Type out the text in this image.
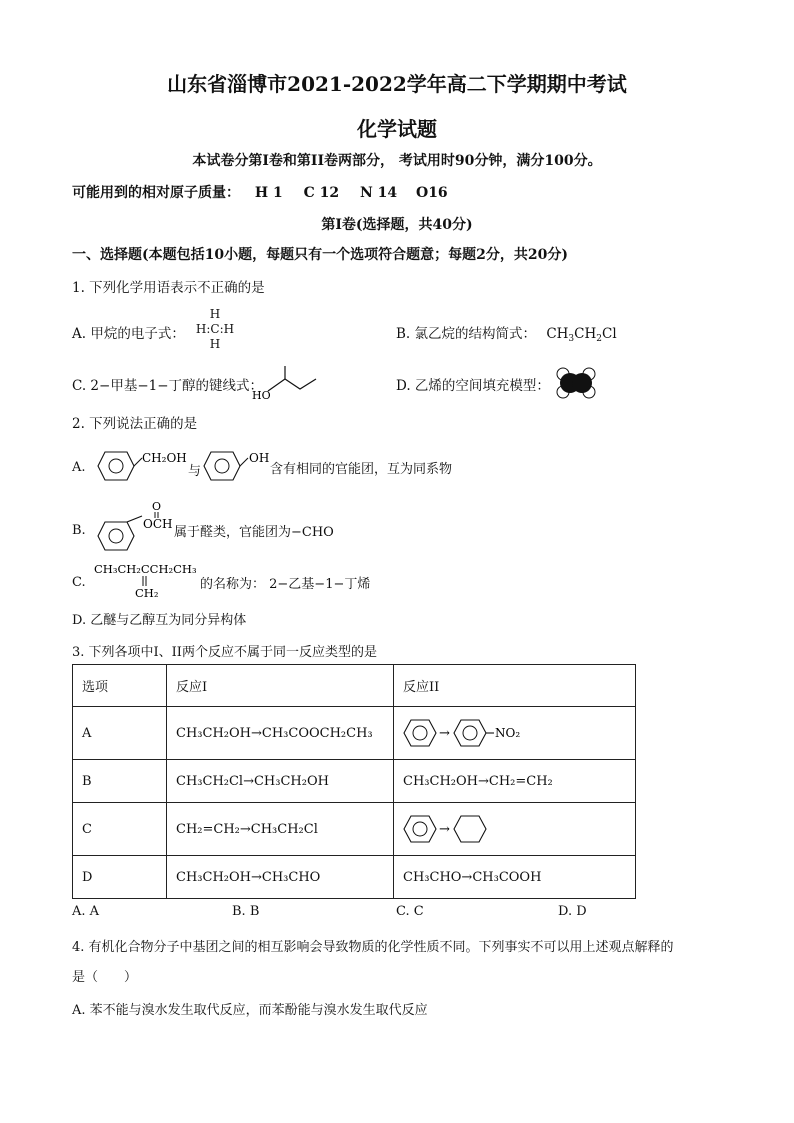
山东省淄博市2021-2022学年高二下学期期中考试
化学试题
本试卷分第I卷和第II卷两部分， 考试用时90分钟，满分100分。
可能用到的相对原子质量： H 1 C 12 N 14 O16
第I卷(选择题，共40分)
一、选择题(本题包括10小题，每题只有一个选项符合题意；每题2分，共20分)
1. 下列化学用语表示不正确的是
A. 甲烷的电子式：
H
H:C:H
H
B. 氯乙烷的结构简式： $CH_3CH_2Cl$
C. 2−甲基−1−丁醇的键线式：
HO
D. 乙烯的空间填充模型：
2. 下列说法正确的是
A.
CH₂OH
与
OH
含有相同的官能团，互为同系物
B.
O
OCH
属于醛类，官能团为−CHO
C.
CH₃CH₂CCH₂CH₃
CH₂
的名称为： 2−乙基−1−丁烯
D. 乙醚与乙醇互为同分异构体
3. 下列各项中I、II两个反应不属于同一反应类型的是
选项	反应I	反应II
A	CH₃CH₂OH→CH₃COOCH₂CH₃	→ NO₂

B	CH₃CH₂Cl→CH₃CH₂OH	CH₃CH₂OH→CH₂=CH₂
C	CH₂=CH₂→CH₃CH₂Cl	→

D	CH₃CH₂OH→CH₃CHO	CH₃CHO→CH₃COOH
A. A	B. B	C. C	D. D
4. 有机化合物分子中基团之间的相互影响会导致物质的化学性质不同。下列事实不可以用上述观点解释的
是（　　）
A. 苯不能与溴水发生取代反应，而苯酚能与溴水发生取代反应
